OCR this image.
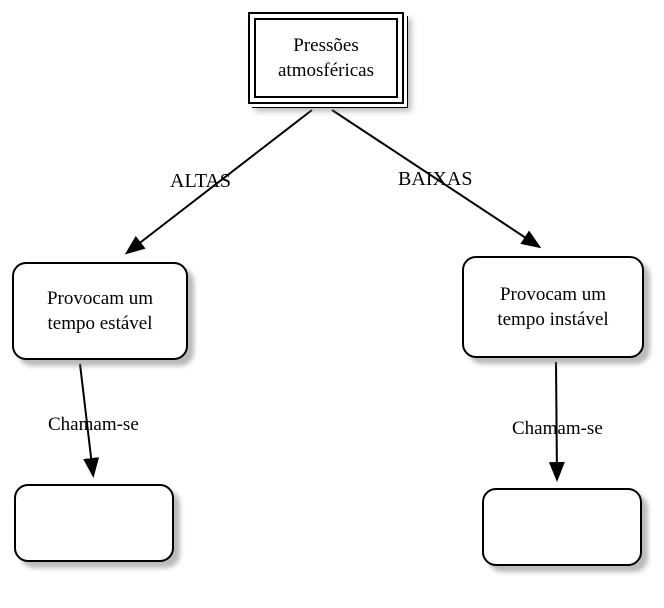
Pressões
atmosféricas
Provocam um
tempo estável
Provocam um
tempo instável
ALTAS	BAIXAS
Chamam-se	Chamam-se
